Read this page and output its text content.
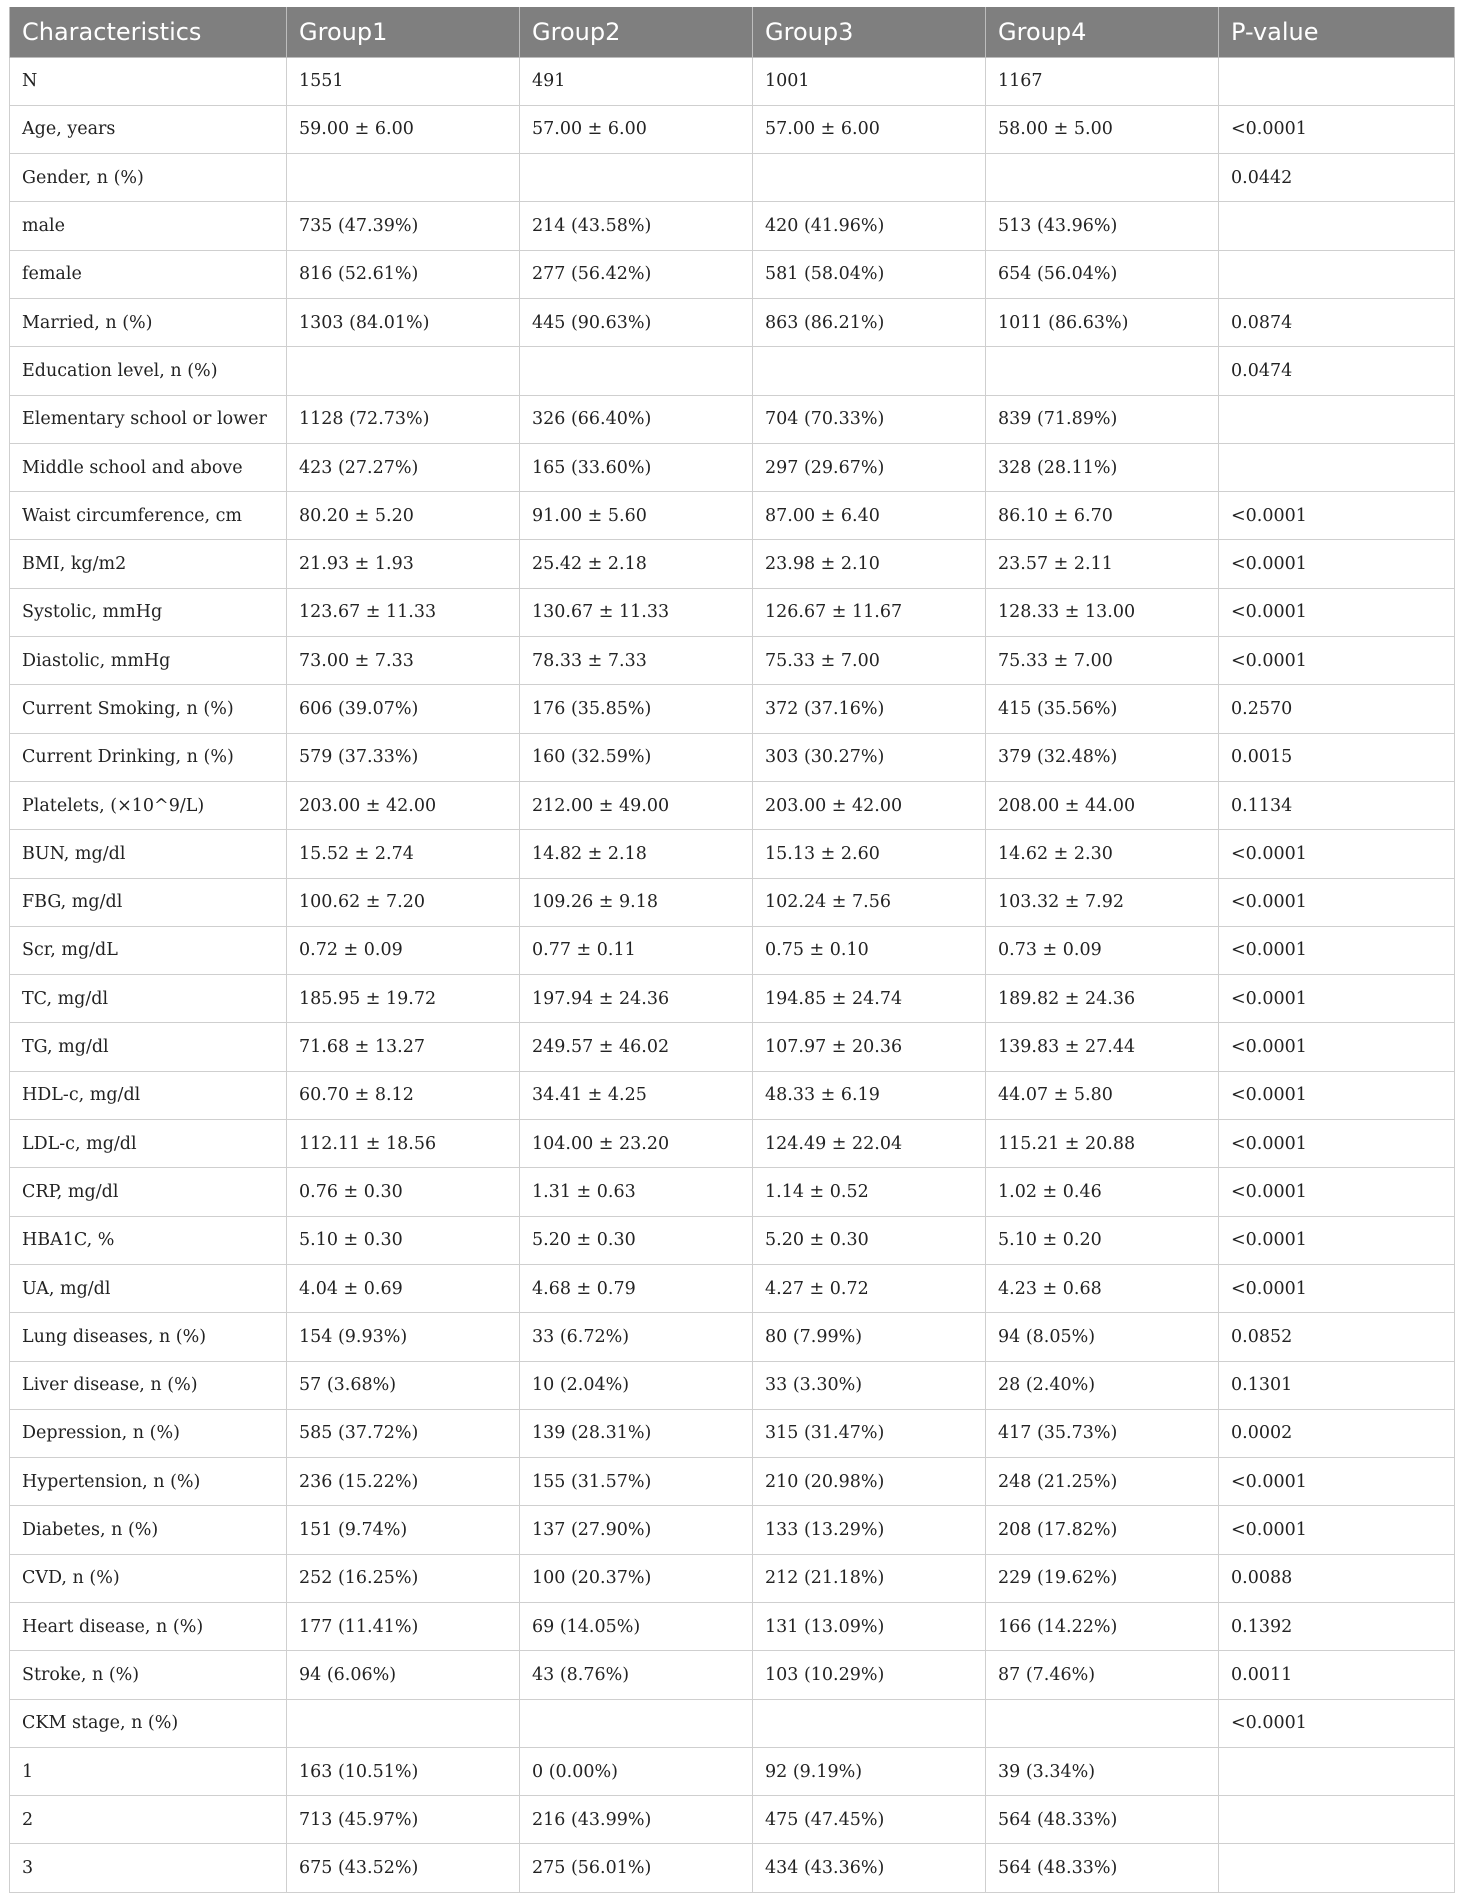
Characteristics	Group1	Group2	Group3	Group4	P-value
N	1551	491	1001	1167	
Age, years	59.00 ± 6.00	57.00 ± 6.00	57.00 ± 6.00	58.00 ± 5.00	<0.0001
Gender, n (%)					0.0442
male	735 (47.39%)	214 (43.58%)	420 (41.96%)	513 (43.96%)	
female	816 (52.61%)	277 (56.42%)	581 (58.04%)	654 (56.04%)	
Married, n (%)	1303 (84.01%)	445 (90.63%)	863 (86.21%)	1011 (86.63%)	0.0874
Education level, n (%)					0.0474
Elementary school or lower	1128 (72.73%)	326 (66.40%)	704 (70.33%)	839 (71.89%)	
Middle school and above	423 (27.27%)	165 (33.60%)	297 (29.67%)	328 (28.11%)	
Waist circumference, cm	80.20 ± 5.20	91.00 ± 5.60	87.00 ± 6.40	86.10 ± 6.70	<0.0001
BMI, kg/m2	21.93 ± 1.93	25.42 ± 2.18	23.98 ± 2.10	23.57 ± 2.11	<0.0001
Systolic, mmHg	123.67 ± 11.33	130.67 ± 11.33	126.67 ± 11.67	128.33 ± 13.00	<0.0001
Diastolic, mmHg	73.00 ± 7.33	78.33 ± 7.33	75.33 ± 7.00	75.33 ± 7.00	<0.0001
Current Smoking, n (%)	606 (39.07%)	176 (35.85%)	372 (37.16%)	415 (35.56%)	0.2570
Current Drinking, n (%)	579 (37.33%)	160 (32.59%)	303 (30.27%)	379 (32.48%)	0.0015
Platelets, (×10^9/L)	203.00 ± 42.00	212.00 ± 49.00	203.00 ± 42.00	208.00 ± 44.00	0.1134
BUN, mg/dl	15.52 ± 2.74	14.82 ± 2.18	15.13 ± 2.60	14.62 ± 2.30	<0.0001
FBG, mg/dl	100.62 ± 7.20	109.26 ± 9.18	102.24 ± 7.56	103.32 ± 7.92	<0.0001
Scr, mg/dL	0.72 ± 0.09	0.77 ± 0.11	0.75 ± 0.10	0.73 ± 0.09	<0.0001
TC, mg/dl	185.95 ± 19.72	197.94 ± 24.36	194.85 ± 24.74	189.82 ± 24.36	<0.0001
TG, mg/dl	71.68 ± 13.27	249.57 ± 46.02	107.97 ± 20.36	139.83 ± 27.44	<0.0001
HDL-c, mg/dl	60.70 ± 8.12	34.41 ± 4.25	48.33 ± 6.19	44.07 ± 5.80	<0.0001
LDL-c, mg/dl	112.11 ± 18.56	104.00 ± 23.20	124.49 ± 22.04	115.21 ± 20.88	<0.0001
CRP, mg/dl	0.76 ± 0.30	1.31 ± 0.63	1.14 ± 0.52	1.02 ± 0.46	<0.0001
HBA1C, %	5.10 ± 0.30	5.20 ± 0.30	5.20 ± 0.30	5.10 ± 0.20	<0.0001
UA, mg/dl	4.04 ± 0.69	4.68 ± 0.79	4.27 ± 0.72	4.23 ± 0.68	<0.0001
Lung diseases, n (%)	154 (9.93%)	33 (6.72%)	80 (7.99%)	94 (8.05%)	0.0852
Liver disease, n (%)	57 (3.68%)	10 (2.04%)	33 (3.30%)	28 (2.40%)	0.1301
Depression, n (%)	585 (37.72%)	139 (28.31%)	315 (31.47%)	417 (35.73%)	0.0002
Hypertension, n (%)	236 (15.22%)	155 (31.57%)	210 (20.98%)	248 (21.25%)	<0.0001
Diabetes, n (%)	151 (9.74%)	137 (27.90%)	133 (13.29%)	208 (17.82%)	<0.0001
CVD, n (%)	252 (16.25%)	100 (20.37%)	212 (21.18%)	229 (19.62%)	0.0088
Heart disease, n (%)	177 (11.41%)	69 (14.05%)	131 (13.09%)	166 (14.22%)	0.1392
Stroke, n (%)	94 (6.06%)	43 (8.76%)	103 (10.29%)	87 (7.46%)	0.0011
CKM stage, n (%)					<0.0001
1	163 (10.51%)	0 (0.00%)	92 (9.19%)	39 (3.34%)	
2	713 (45.97%)	216 (43.99%)	475 (47.45%)	564 (48.33%)	
3	675 (43.52%)	275 (56.01%)	434 (43.36%)	564 (48.33%)	
